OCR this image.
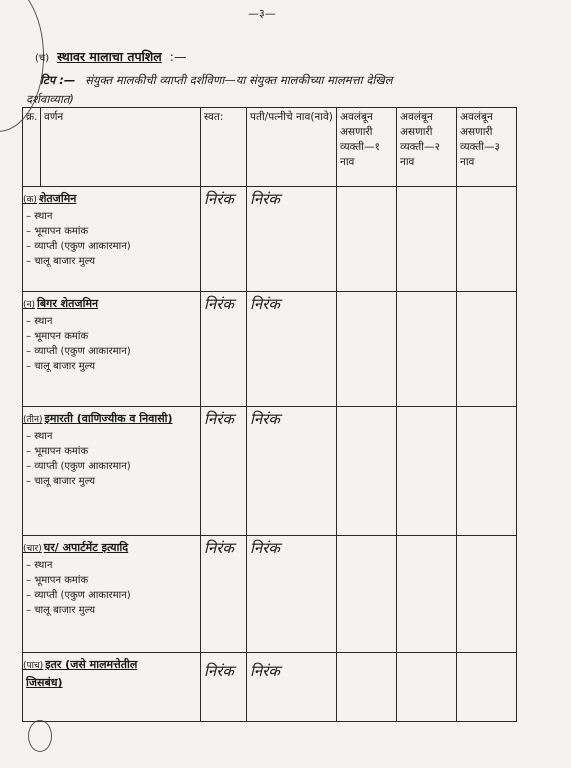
—३—
(च) स्थावर मालाचा तपशिल :—
टिप :— संयुक्त मालकीची व्याप्ती दर्शविणा—या संयुक्त मालकीच्या मालमत्ता देखिल
दर्शवाव्यात)
क्र.	वर्णन	स्वत:	पती/पत्नीचे नाव(नावे)	अवलंबून असणारी व्यक्ती—१ नाव	अवलंबून असणारी व्यक्ती—२ नाव	अवलंबून असणारी व्यक्ती—३ नाव

(क) शेतजमिन
– स्थान
– भूमापन कमांक
– व्याप्ती (एकुण आकारमान)
– चालू बाजार मुल्य		निरंक	निरंक			

(न) बिगर शेतजमिन
– स्थान
– भूमापन कमांक
– व्याप्ती (एकुण आकारमान)
– चालू बाजार मुल्य		निरंक	निरंक			

(तीन) इमारती (वाणिज्यीक व निवासी)
– स्थान
– भूमापन कमांक
– व्याप्ती (एकुण आकारमान)
– चालू बाजार मुल्य		निरंक	निरंक			

(चार) घर/ अपार्टमेंट इत्यादि
– स्थान
– भूमापन कमांक
– व्याप्ती (एकुण आकारमान)
– चालू बाजार मुल्य		निरंक	निरंक			

(पाच) इतर (जसे मालमत्तेतील
जिसबंध)		निरंक	निरंक			
